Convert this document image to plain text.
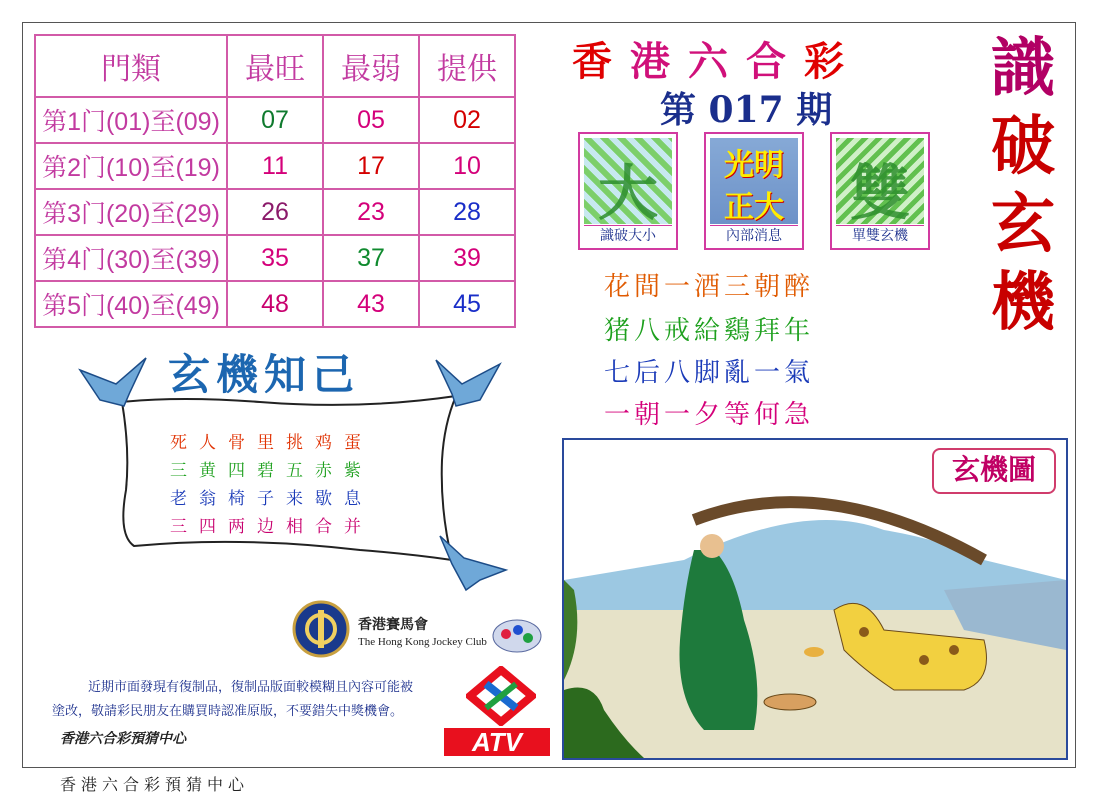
門類	最旺	最弱	提供
第1门(01)至(09)	07	05	02
第2门(10)至(19)	11	17	10
第3门(20)至(29)	26	23	28
第4门(30)至(39)	35	37	39
第5门(40)至(49)	48	43	45
香 港 六 合 彩
第 017 期
識
破
玄
機
大
識破大小
光明
正大
內部消息
雙
單雙玄機
花間一酒三朝醉
猪八戒給鷄拜年
七后八脚亂一氣
一朝一夕等何急
玄機知己
死人骨里挑鸡蛋
三黄四碧五赤紫
老翁椅子来歇息
三四两边相合并
玄機圖
香港賽馬會
The Hong Kong Jockey Club
近期市面發現有復制品，復制品版面較模糊且內容可能被塗改，敬請彩民朋友在購買時認准原版，不要錯失中獎機會。
香港六合彩預猜中心	ATV
香港六合彩預猜中心
